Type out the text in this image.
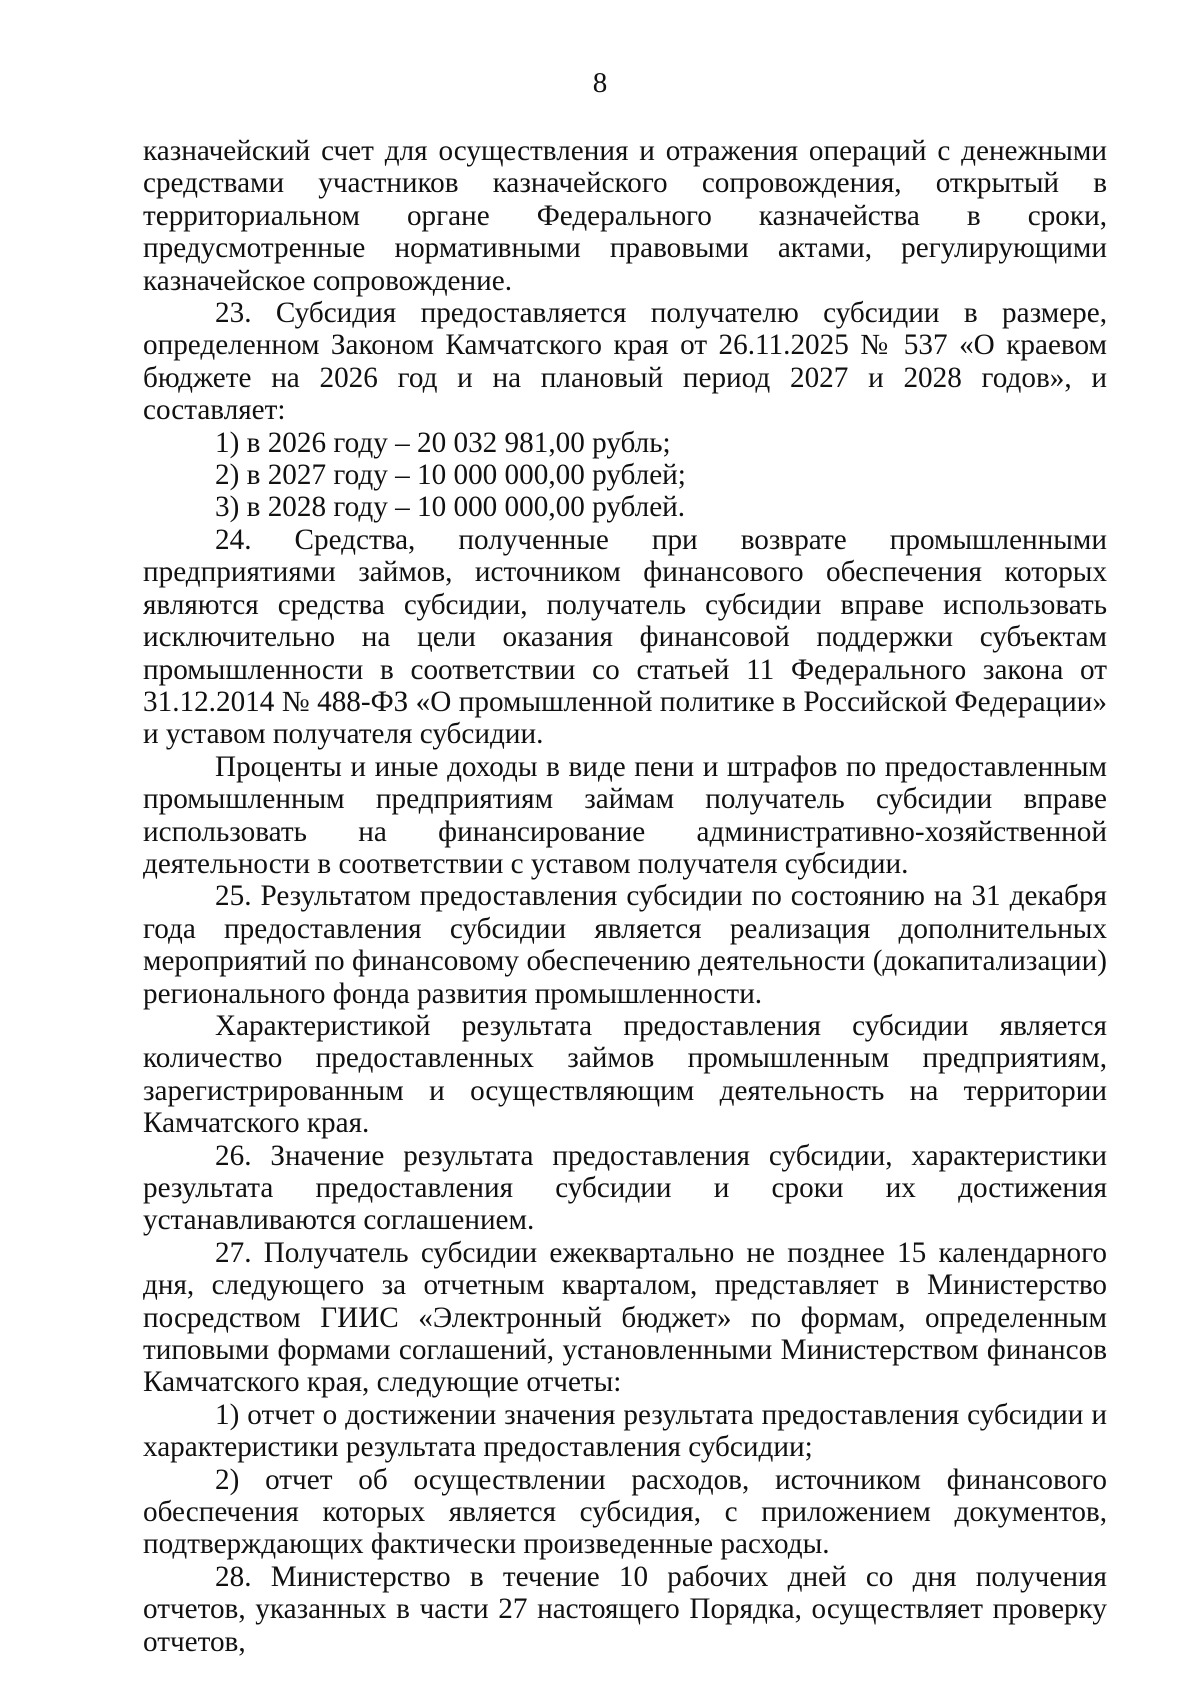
8

казначейский счет для осуществления и отражения операций с денежными средствами участников казначейского сопровождения, открытый в территориальном органе Федерального казначейства в сроки, предусмотренные нормативными правовыми актами, регулирующими казначейское сопровождение.

23. Субсидия предоставляется получателю субсидии в размере, определенном Законом Камчатского края от 26.11.2025 № 537 «О краевом бюджете на 2026 год и на плановый период 2027 и 2028 годов», и составляет:

1) в 2026 году – 20 032 981,00 рубль;

2) в 2027 году – 10 000 000,00 рублей;

3) в 2028 году – 10 000 000,00 рублей.

24. Средства, полученные при возврате промышленными предприятиями займов, источником финансового обеспечения которых являются средства субсидии, получатель субсидии вправе использовать исключительно на цели оказания финансовой поддержки субъектам промышленности в соответствии со статьей 11 Федерального закона от 31.12.2014 № 488-ФЗ «О промышленной политике в Российской Федерации» и уставом получателя субсидии.

Проценты и иные доходы в виде пени и штрафов по предоставленным промышленным предприятиям займам получатель субсидии вправе использовать на финансирование административно-хозяйственной деятельности в соответствии с уставом получателя субсидии.

25. Результатом предоставления субсидии по состоянию на 31 декабря года предоставления субсидии является реализация дополнительных мероприятий по финансовому обеспечению деятельности (докапитализации) регионального фонда развития промышленности.

Характеристикой результата предоставления субсидии является количество предоставленных займов промышленным предприятиям, зарегистрированным и осуществляющим деятельность на территории Камчатского края.

26. Значение результата предоставления субсидии, характеристики результата предоставления субсидии и сроки их достижения устанавливаются соглашением.

27. Получатель субсидии ежеквартально не позднее 15 календарного дня, следующего за отчетным кварталом, представляет в Министерство посредством ГИИС «Электронный бюджет» по формам, определенным типовыми формами соглашений, установленными Министерством финансов Камчатского края, следующие отчеты:

1) отчет о достижении значения результата предоставления субсидии и характеристики результата предоставления субсидии;

2) отчет об осуществлении расходов, источником финансового обеспечения которых является субсидия, с приложением документов, подтверждающих фактически произведенные расходы.

28. Министерство в течение 10 рабочих дней со дня получения отчетов, указанных в части 27 настоящего Порядка, осуществляет проверку отчетов,
